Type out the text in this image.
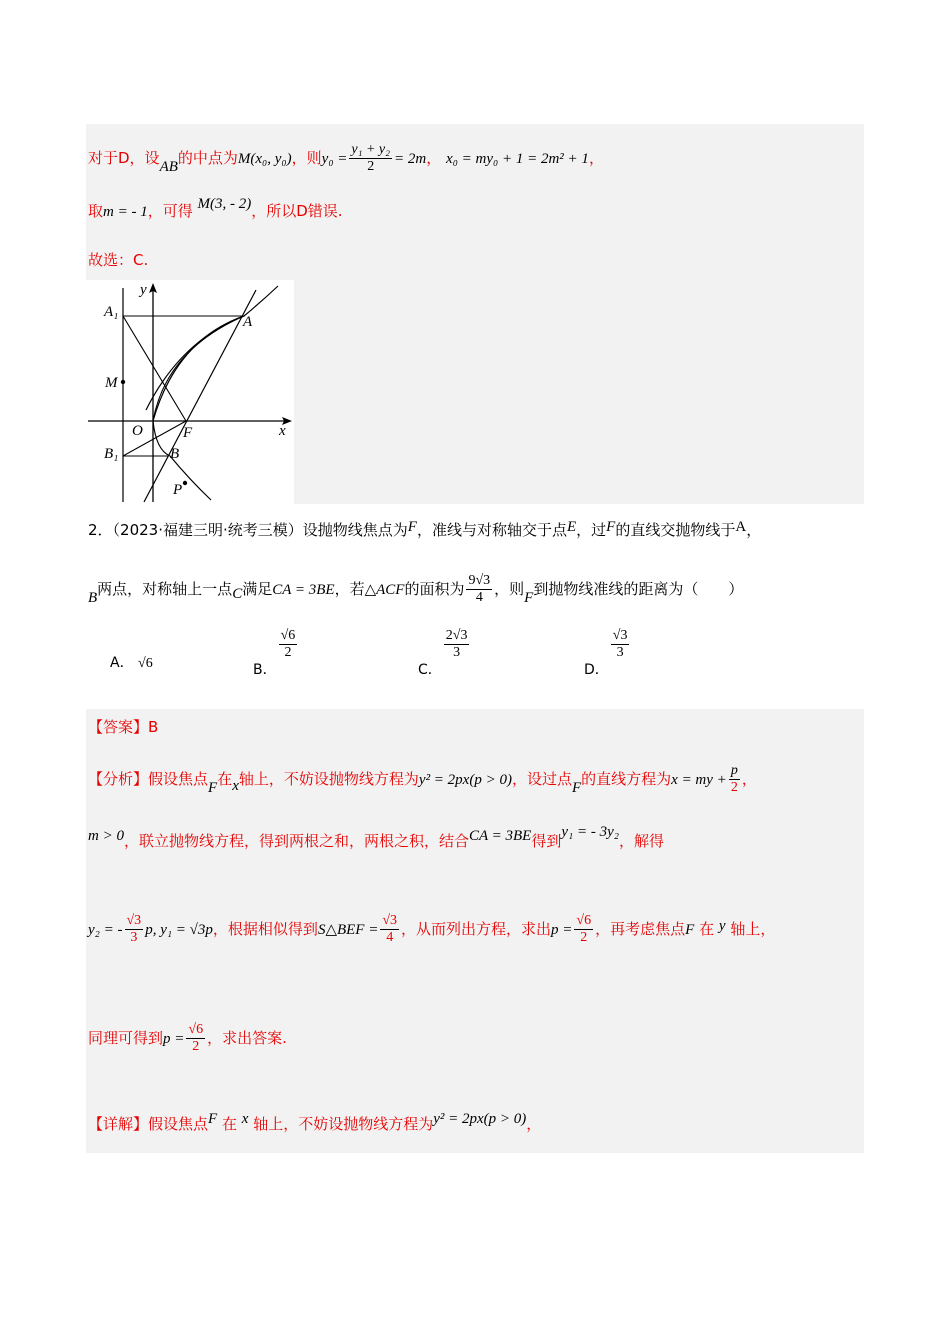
对于D，设AB的中点为M(x₀, y₀)，则$y_0 = \frac{\text{y₁ + y₂}}{2} = 2m$， x₀ = my₀ + 1 = 2m² + 1，
取m = - 1，可得 M(3, - 2)，所以D错误.
故选：C.
y
x
A₁
A
M
O	F
B₁	B
P
2．（2023·福建三明·统考三模）设抛物线焦点为F，准线与对称轴交于点E，过F的直线交抛物线于A，
B两点，对称轴上一点C满足CA = 3BE，若△ACF的面积为 $\frac{9√3}{4}$ ，则F到抛物线准线的距离为（　　）
A． √6	B．
$\frac{√6}{2}$
C．
$\frac{2√3}{3}$
D．
$\frac{√3}{3}$
【答案】B
【分析】假设焦点F在x轴上，不妨设抛物线方程为y² = 2px(p > 0)，设过点F的直线方程为x = my + $\frac{p}{2}$ ，
m > 0，联立抛物线方程，得到两根之和，两根之积，结合CA = 3BE得到y₁ = - 3y₂，解得
y₂ = - $\frac{√3}{3} p$, y₁ = √3p，根据相似得到S△BEF = $\frac{√3}{4}$ ，从而列出方程，求出$p = \frac{√6}{2}$ ，再考虑焦点F 在 y 轴上，
同理可得到$p = \frac{√6}{2}$ ，求出答案.
【详解】假设焦点F 在 x 轴上，不妨设抛物线方程为y² = 2px(p > 0)，
